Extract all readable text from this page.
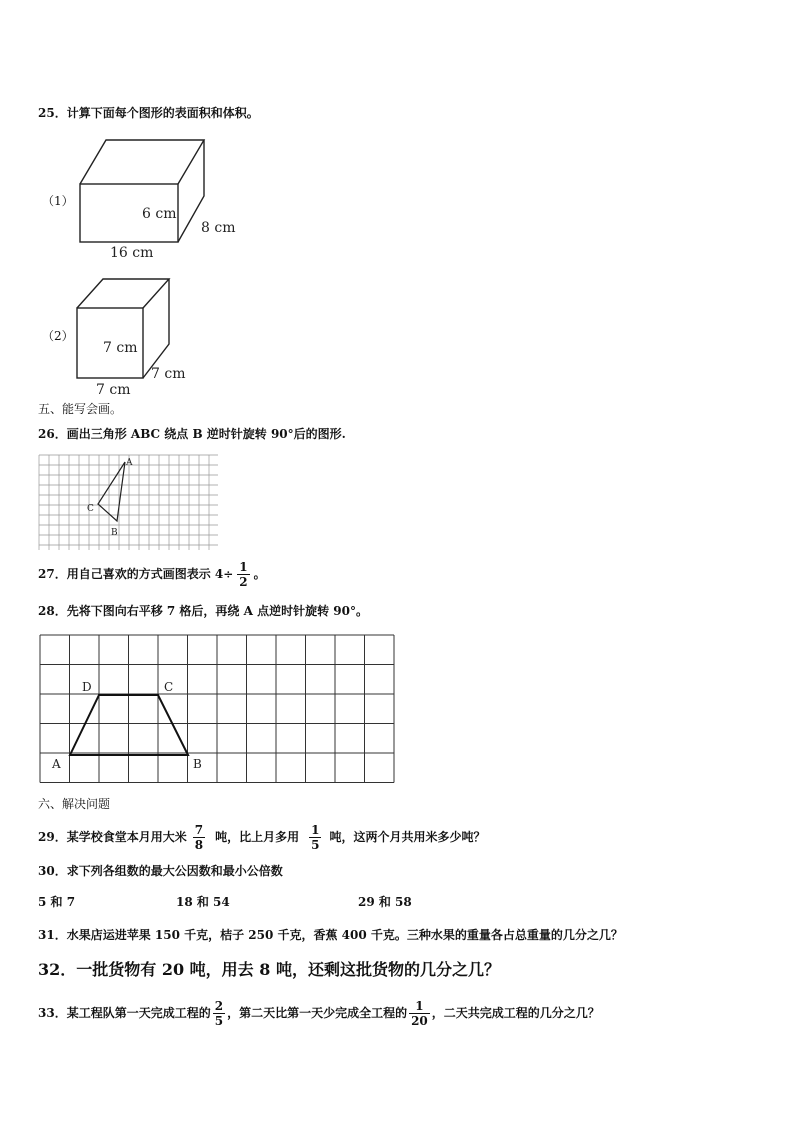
25．计算下面每个图形的表面积和体积。
（1）
6 cm
8 cm
16 cm
（2）
7 cm
7 cm
7 cm
五、能写会画。
26．画出三角形 ABC 绕点 B 逆时针旋转 90°后的图形.
A
C
B
27．用自己喜欢的方式画图表示 $4\div \frac{1}{2}$ 。
28．先将下图向右平移 7 格后，再绕 A 点逆时针旋转 90°。
D	C
A	B
六、解决问题
29．某学校食堂本月用大米 $\frac{7}{8}$ 吨，比上月多用 $\frac{1}{5}$ 吨，这两个月共用米多少吨？
30．求下列各组数的最大公因数和最小公倍数
5 和 7	18 和 54	29 和 58
31．水果店运进苹果 150 千克，桔子 250 千克，香蕉 400 千克。三种水果的重量各占总重量的几分之几？
32．一批货物有 20 吨，用去 8 吨，还剩这批货物的几分之几？
33．某工程队第一天完成工程的 $\frac{2}{5}$ ，第二天比第一天少完成全工程的 $\frac{1}{20}$ ，二天共完成工程的几分之几？
